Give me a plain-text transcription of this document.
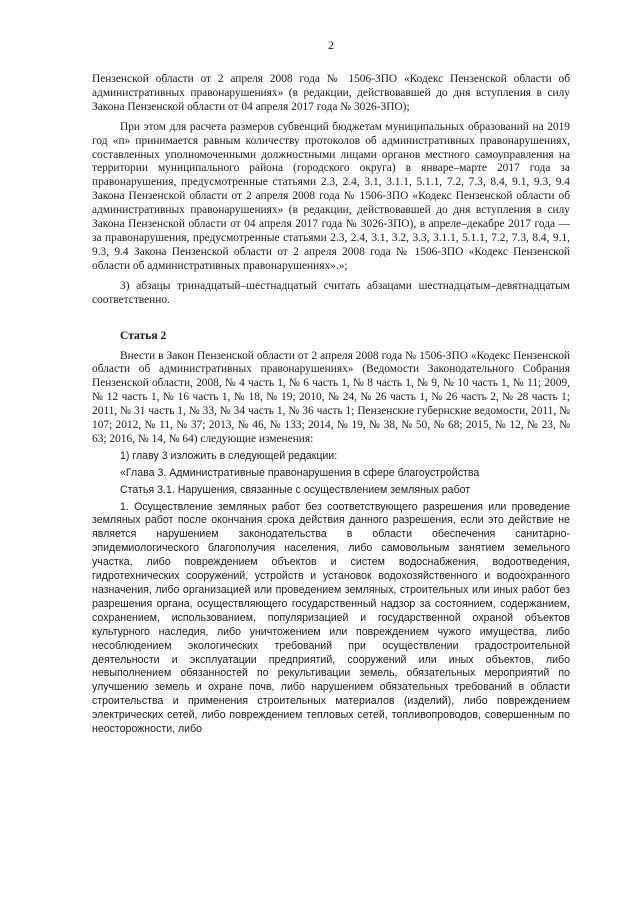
2

Пензенской области от 2 апреля 2008 года № 1506-ЗПО «Кодекс Пензенской области об административных правонарушениях» (в редакции, действовавшей до дня вступления в силу Закона Пензенской области от 04 апреля 2017 года № 3026-ЗПО);

При этом для расчета размеров субвенций бюджетам муниципальных образований на 2019 год «п» принимается равным количеству протоколов об административных правонарушениях, составленных уполномоченными должностными лицами органов местного самоуправления на территории муниципального района (городского округа) в январе–марте 2017 года за правонарушения, предусмотренные статьями 2.3, 2.4, 3.1, 3.1.1, 5.1.1, 7.2, 7.3, 8.4, 9.1, 9.3, 9.4 Закона Пензенской области от 2 апреля 2008 года № 1506-ЗПО «Кодекс Пензенской области об административных правонарушениях» (в редакции, действовавшей до дня вступления в силу Закона Пензенской области от 04 апреля 2017 года № 3026-ЗПО), в апреле–декабре 2017 года — за правонарушения, предусмотренные статьями 2.3, 2.4, 3.1, 3.2, 3.3, 3.1.1, 5.1.1, 7.2, 7.3, 8.4, 9.1, 9.3, 9.4 Закона Пензенской области от 2 апреля 2008 года № 1506-ЗПО «Кодекс Пензенской области об административных правонарушениях».»;

3) абзацы тринадцатый–шестнадцатый считать абзацами шестнадцатым–девятнадцатым соответственно.

Статья 2

Внести в Закон Пензенской области от 2 апреля 2008 года № 1506-ЗПО «Кодекс Пензенской области об административных правонарушениях» (Ведомости Законодательного Собрания Пензенской области, 2008, № 4 часть 1, № 6 часть 1, № 8 часть 1, № 9, № 10 часть 1, № 11; 2009, № 12 часть 1, № 16 часть 1, № 18, № 19; 2010, № 24, № 26 часть 1, № 26 часть 2, № 28 часть 1; 2011, № 31 часть 1, № 33, № 34 часть 1, № 36 часть 1; Пензенские губернские ведомости, 2011, № 107; 2012, № 11, № 37; 2013, № 46, № 133; 2014, № 19, № 38, № 50, № 68; 2015, № 12, № 23, № 63; 2016, № 14, № 64) следующие изменения:

1) главу 3 изложить в следующей редакции:

«Глава 3. Административные правонарушения в сфере благоустройства

Статья 3.1. Нарушения, связанные с осуществлением земляных работ

1. Осуществление земляных работ без соответствующего разрешения или проведение земляных работ после окончания срока действия данного разрешения, если это действие не является нарушением законодательства в области обеспечения санитарно-эпидемиологического благополучия населения, либо самовольным занятием земельного участка, либо повреждением объектов и систем водоснабжения, водоотведения, гидротехнических сооружений, устройств и установок водохозяйственного и водоохранного назначения, либо организацией или проведением земляных, строительных или иных работ без разрешения органа, осуществляющего государственный надзор за состоянием, содержанием, сохранением, использованием, популяризацией и государственной охраной объектов культурного наследия, либо уничтожением или повреждением чужого имущества, либо несоблюдением экологических требований при осуществлении градостроительной деятельности и эксплуатации предприятий, сооружений или иных объектов, либо невыполнением обязанностей по рекультивации земель, обязательных мероприятий по улучшению земель и охране почв, либо нарушением обязательных требований в области строительства и применения строительных материалов (изделий), либо повреждением электрических сетей, либо повреждением тепловых сетей, топливопроводов, совершенным по неосторожности, либо
